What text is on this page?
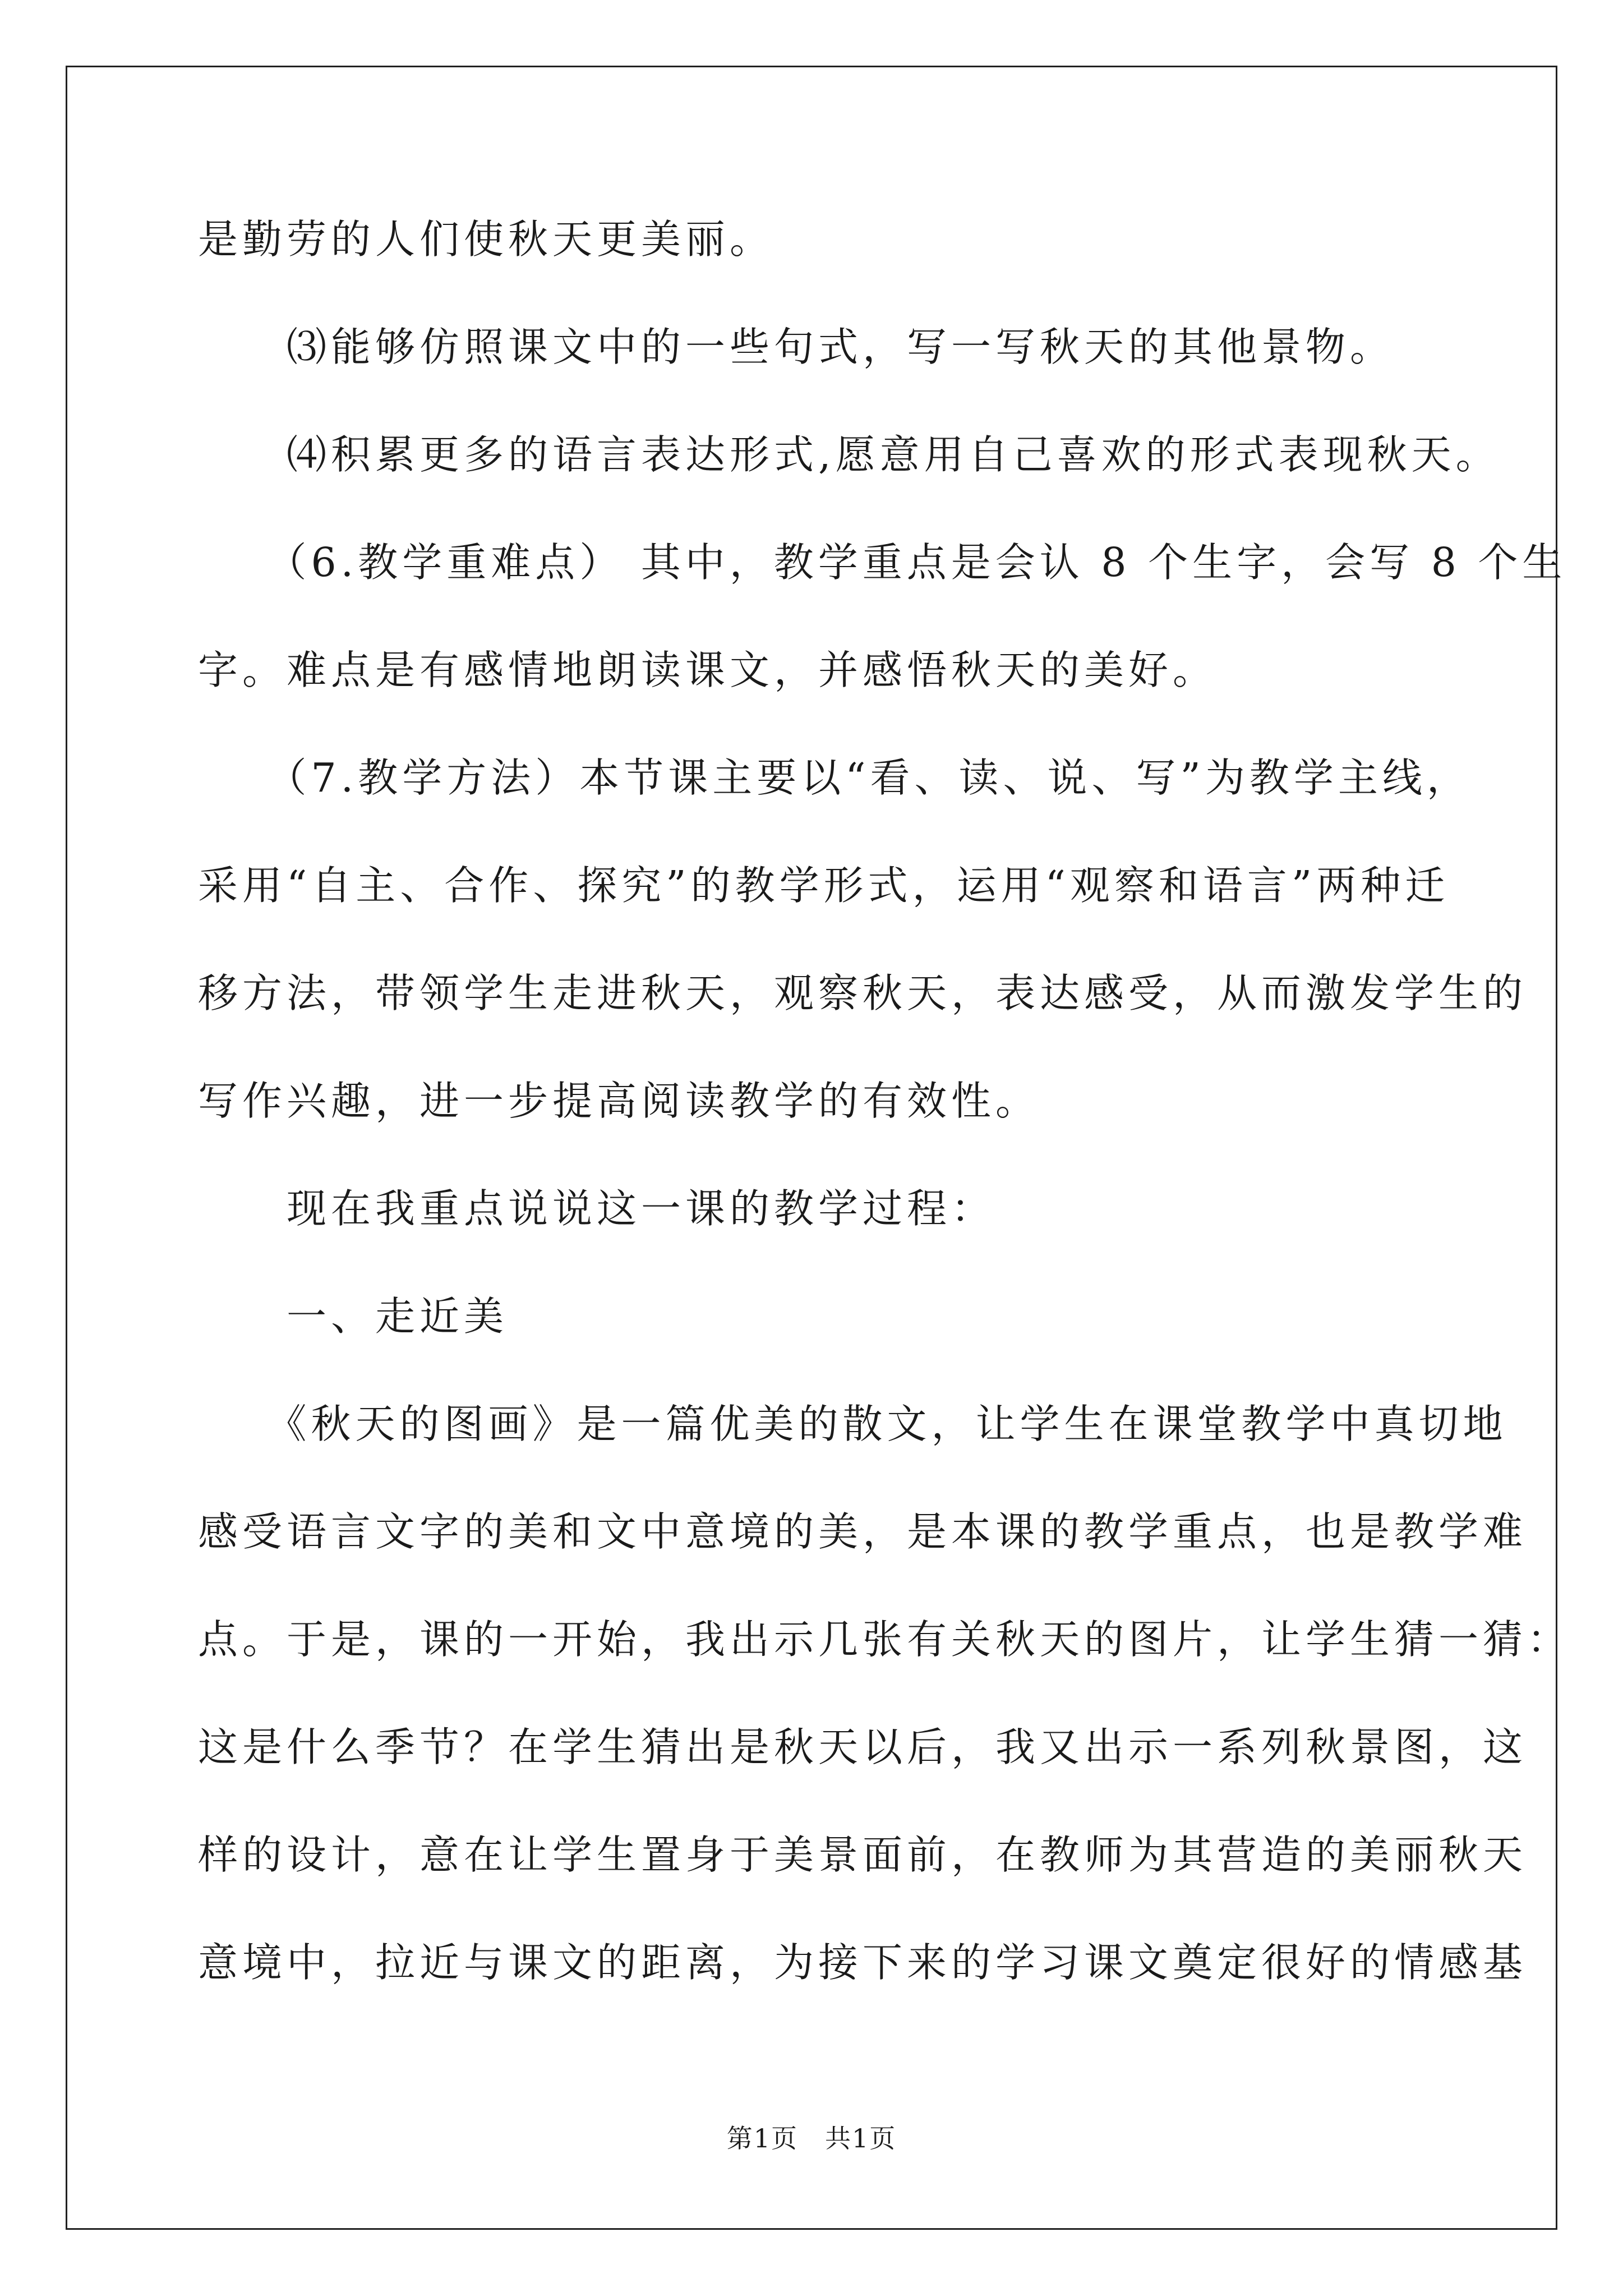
是勤劳的人们使秋天更美丽。
　　⑶能够仿照课文中的一些句式，写一写秋天的其他景物。
　　⑷积累更多的语言表达形式,愿意用自己喜欢的形式表现秋天。
　　（6.教学重难点） 其中，教学重点是会认 8 个生字，会写 8 个生
字。难点是有感情地朗读课文，并感悟秋天的美好。
　　（7.教学方法）本节课主要以“看、读、说、写”为教学主线，
采用“自主、合作、探究”的教学形式，运用“观察和语言”两种迁
移方法，带领学生走进秋天，观察秋天，表达感受，从而激发学生的
写作兴趣，进一步提高阅读教学的有效性。
　　现在我重点说说这一课的教学过程：
　　一、走近美
　　《秋天的图画》是一篇优美的散文，让学生在课堂教学中真切地
感受语言文字的美和文中意境的美，是本课的教学重点，也是教学难
点。于是，课的一开始，我出示几张有关秋天的图片，让学生猜一猜：
这是什么季节？在学生猜出是秋天以后，我又出示一系列秋景图，这
样的设计，意在让学生置身于美景面前，在教师为其营造的美丽秋天
意境中，拉近与课文的距离，为接下来的学习课文奠定很好的情感基
第1页　共1页
